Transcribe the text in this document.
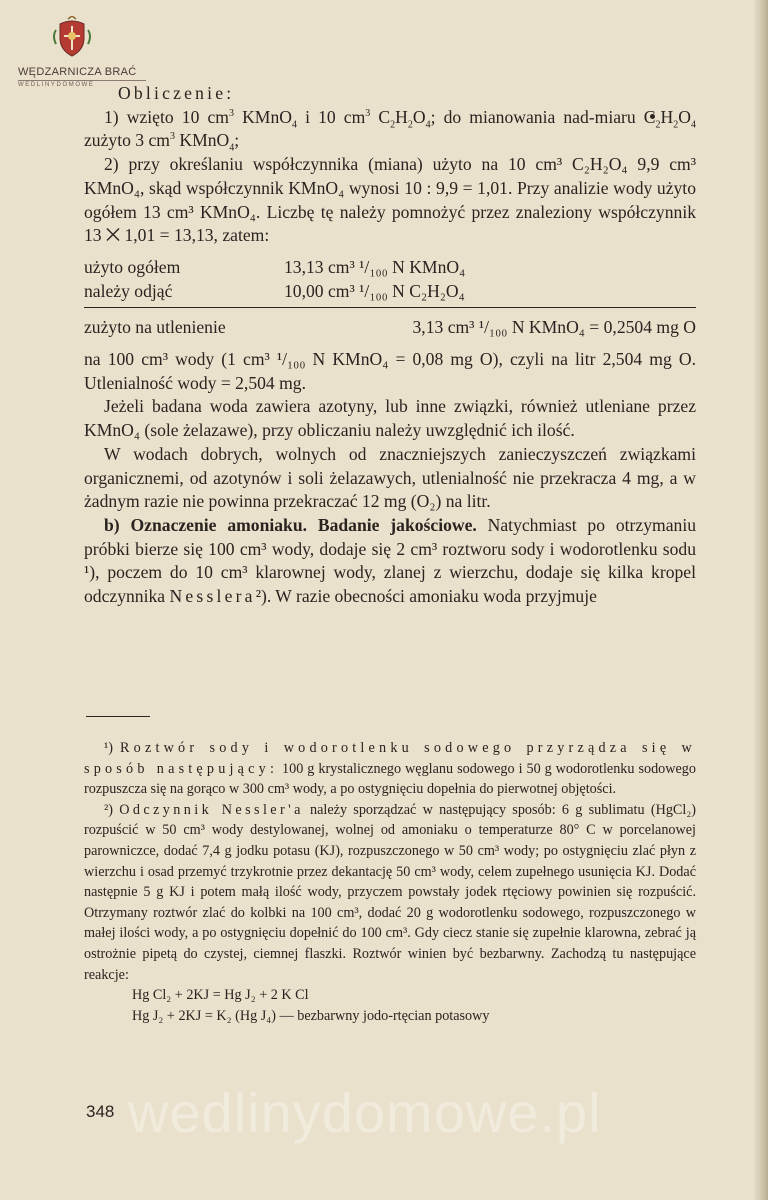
WĘDZARNICZA BRAĆ
WEDLINYDOMOWE	Obliczenie:

1) wzięto 10 $cm^3$ KMnO$_4$ i 10 $cm^3$ $C_2H_2O_4$; do mianowania nad-miaru $C_2H_2O_4$ zużyto 3 $cm^3$ KMnO$_4$;

2) przy określaniu współczynnika (miana) użyto na 10 cm³ C₂H₂O₄ 9,9 cm³ KMnO₄, skąd współczynnik KMnO₄ wynosi 10 : 9,9 = 1,01. Przy analizie wody użyto ogółem 13 cm³ KMnO₄. Liczbę tę należy pomnożyć przez znaleziony współczynnik 13 ⨉ 1,01 = 13,13, zatem:

użyto ogółem	13,13 cm³ ¹/₁₀₀ N KMnO₄
należy odjąć	10,00 cm³ ¹/₁₀₀ N C₂H₂O₄
zużyto na utlenienie	3,13 cm³ ¹/₁₀₀ N KMnO₄ = 0,2504 mg O

na 100 cm³ wody (1 cm³ ¹/₁₀₀ N KMnO₄ = 0,08 mg O), czyli na litr 2,504 mg O. Utlenialność wody = 2,504 mg.

Jeżeli badana woda zawiera azotyny, lub inne związki, również utleniane przez KMnO₄ (sole żelazawe), przy obliczaniu należy uwzględnić ich ilość.

W wodach dobrych, wolnych od znaczniejszych zanieczyszczeń związkami organicznemi, od azotynów i soli żelazawych, utlenialność nie przekracza 4 mg, a w żadnym razie nie powinna przekraczać 12 mg (O₂) na litr.

b) Oznaczenie amoniaku. Badanie jakościowe. Natychmiast po otrzymaniu próbki bierze się 100 cm³ wody, dodaje się 2 cm³ roztworu sody i wodorotlenku sodu ¹), poczem do 10 cm³ klarownej wody, zlanej z wierzchu, dodaje się kilka kropel odczynnika Nesslera²). W razie obecności amoniaku woda przyjmuje

¹) Roztwór sody i wodorotlenku sodowego przyrządza się w sposób następujący: 100 g krystalicznego węglanu sodowego i 50 g wodorotlenku sodowego rozpuszcza się na gorąco w 300 cm³ wody, a po ostygnięciu dopełnia do pierwotnej objętości.

²) Odczynnik Nessler'a należy sporządzać w następujący sposób: 6 g sublimatu (HgCl₂) rozpuścić w 50 cm³ wody destylowanej, wolnej od amoniaku o temperaturze 80° C w porcelanowej parowniczce, dodać 7,4 g jodku potasu (KJ), rozpuszczonego w 50 cm³ wody; po ostygnięciu zlać płyn z wierzchu i osad przemyć trzykrotnie przez dekantację 50 cm³ wody, celem zupełnego usunięcia KJ. Dodać następnie 5 g KJ i potem małą ilość wody, przyczem powstały jodek rtęciowy powinien się rozpuścić. Otrzymany roztwór zlać do kolbki na 100 cm³, dodać 20 g wodorotlenku sodowego, rozpuszczonego w małej ilości wody, a po ostygnięciu dopełnić do 100 cm³. Gdy ciecz stanie się zupełnie klarowna, zebrać ją ostrożnie pipetą do czystej, ciemnej flaszki. Roztwór winien być bezbarwny. Zachodzą tu następujące reakcje:

Hg Cl₂ + 2KJ = Hg J₂ + 2 K Cl

Hg J₂ + 2KJ = K₂ (Hg J₄) — bezbarwny jodo-rtęcian potasowy

wedlinydomowe.pl
348
